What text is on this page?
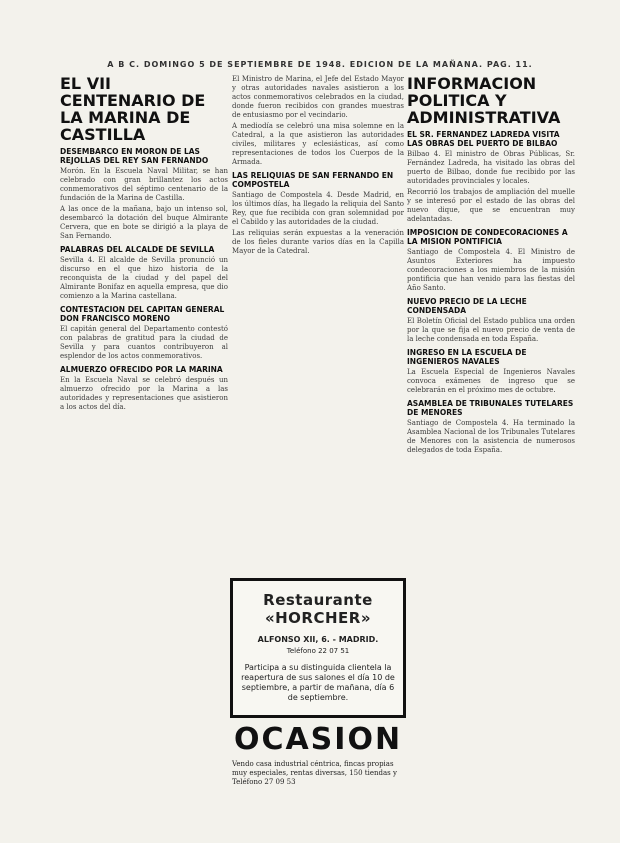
A B C. DOMINGO 5 DE SEPTIEMBRE DE 1948. EDICION DE LA MAÑANA. PAG. 11.
EL VII CENTENARIO DE LA MARINA DE CASTILLA
DESEMBARCO EN MORON DE LAS REJOLLAS DEL REY SAN FERNANDO

Morón. En la Escuela Naval Militar, se han celebrado con gran brillantez los actos conmemorativos del séptimo centenario de la fundación de la Marina de Castilla.

A las once de la mañana, bajo un intenso sol, desembarcó la dotación del buque Almirante Cervera, que en bote se dirigió a la playa de San Fernando.

PALABRAS DEL ALCALDE DE SEVILLA

Sevilla 4. El alcalde de Sevilla pronunció un discurso en el que hizo historia de la reconquista de la ciudad y del papel del Almirante Bonifaz en aquella empresa, que dio comienzo a la Marina castellana.

CONTESTACION DEL CAPITAN GENERAL DON FRANCISCO MORENO

El capitán general del Departamento contestó con palabras de gratitud para la ciudad de Sevilla y para cuantos contribuyeron al esplendor de los actos conmemorativos.

ALMUERZO OFRECIDO POR LA MARINA

En la Escuela Naval se celebró después un almuerzo ofrecido por la Marina a las autoridades y representaciones que asistieron a los actos del día.

El Ministro de Marina, el Jefe del Estado Mayor y otras autoridades navales asistieron a los actos conmemorativos celebrados en la ciudad, donde fueron recibidos con grandes muestras de entusiasmo por el vecindario.

A mediodía se celebró una misa solemne en la Catedral, a la que asistieron las autoridades civiles, militares y eclesiásticas, así como representaciones de todos los Cuerpos de la Armada.

LAS RELIQUIAS DE SAN FERNANDO EN COMPOSTELA

Santiago de Compostela 4. Desde Madrid, en los últimos días, ha llegado la reliquia del Santo Rey, que fue recibida con gran solemnidad por el Cabildo y las autoridades de la ciudad.

Las reliquias serán expuestas a la veneración de los fieles durante varios días en la Capilla Mayor de la Catedral.

Restaurante «HORCHER»
ALFONSO XII, 6. - MADRID.
Teléfono 22 07 51
Participa a su distinguida clientela la reapertura de sus salones el día 10 de septiembre, a partir de mañana, día 6 de septiembre.
OCASION
Vendo casa industrial céntrica, fincas propias muy especiales, rentas diversas, 150 tiendas y Teléfono 27 09 53
INFORMACION POLITICA Y ADMINISTRATIVA
EL SR. FERNANDEZ LADREDA VISITA LAS OBRAS DEL PUERTO DE BILBAO

Bilbao 4. El ministro de Obras Públicas, Sr. Fernández Ladreda, ha visitado las obras del puerto de Bilbao, donde fue recibido por las autoridades provinciales y locales.

Recorrió los trabajos de ampliación del muelle y se interesó por el estado de las obras del nuevo dique, que se encuentran muy adelantadas.

IMPOSICION DE CONDECORACIONES A LA MISION PONTIFICIA

Santiago de Compostela 4. El Ministro de Asuntos Exteriores ha impuesto condecoraciones a los miembros de la misión pontificia que han venido para las fiestas del Año Santo.

NUEVO PRECIO DE LA LECHE CONDENSADA

El Boletín Oficial del Estado publica una orden por la que se fija el nuevo precio de venta de la leche condensada en toda España.

INGRESO EN LA ESCUELA DE INGENIEROS NAVALES

La Escuela Especial de Ingenieros Navales convoca exámenes de ingreso que se celebrarán en el próximo mes de octubre.

ASAMBLEA DE TRIBUNALES TUTELARES DE MENORES

Santiago de Compostela 4. Ha terminado la Asamblea Nacional de los Tribunales Tutelares de Menores con la asistencia de numerosos delegados de toda España.
